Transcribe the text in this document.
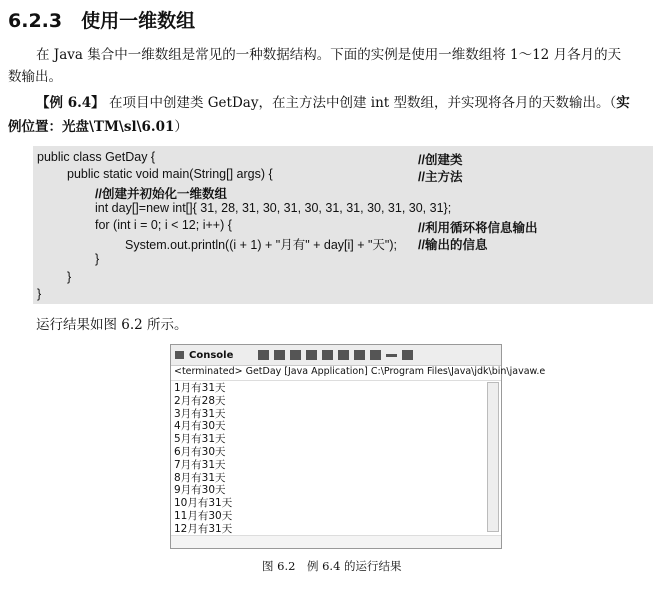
6.2.3　使用一维数组
在 Java 集合中一维数组是常见的一种数据结构。下面的实例是使用一维数组将 1～12 月各月的天
数输出。
【例 6.4】 在项目中创建类 GetDay，在主方法中创建 int 型数组，并实现将各月的天数输出。（实
例位置：光盘\TM\sl\6.01）
public class GetDay {
public static void main(String[] args) {
//创建并初始化一维数组
int day[]=new int[]{ 31, 28, 31, 30, 31, 30, 31, 31, 30, 31, 30, 31};
for (int i = 0; i < 12; i++) {
System.out.println((i + 1) + "月有" + day[i] + "天");
}
}
}
//创建类
//主方法
//利用循环将信息输出
//输出的信息
运行结果如图 6.2 所示。
Console
<terminated> GetDay [Java Application] C:\Program Files\Java\jdk\bin\javaw.e
1月有31天
2月有28天
3月有31天
4月有30天
5月有31天
6月有30天
7月有31天
8月有31天
9月有30天
10月有31天
11月有30天
12月有31天
图 6.2　例 6.4 的运行结果
